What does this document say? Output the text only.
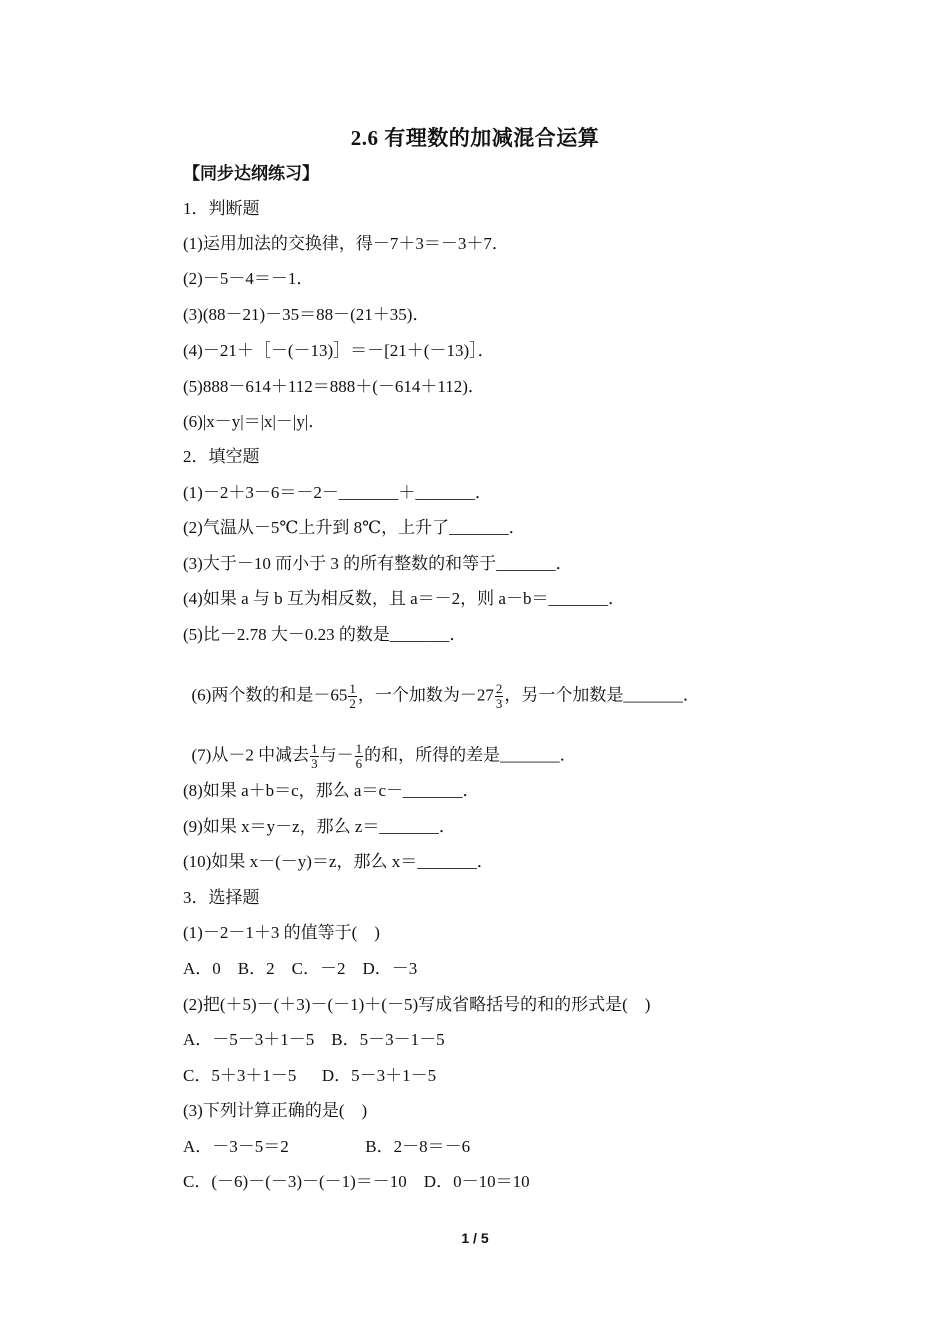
2.6 有理数的加减混合运算
【同步达纲练习】
1．判断题
(1)运用加法的交换律，得－7＋3＝－3＋7．
(2)－5－4＝－1．
(3)(88－21)－35＝88－(21＋35)．
(4)－21＋［－(－13)］＝－[21＋(－13)］．
(5)888－614＋112＝888＋(－614＋112)．
(6)|x－y|＝|x|－|y|．
2．填空题
(1)－2＋3－6＝－2－_______＋_______．
(2)气温从－5℃上升到 8℃，上升了_______．
(3)大于－10 而小于 3 的所有整数的和等于_______．
(4)如果 a 与 b 互为相反数，且 a＝－2，则 a－b＝_______．
(5)比－2.78 大－0.23 的数是_______．

(6)两个数的和是$-65 \frac{1}{2}$ ，一个加数为$-27 \frac{2}{3}$ ，另一个加数是_______．

(7)从－2 中减去 $\frac{1}{3}$ 与－ $\frac{1}{6}$ 的和，所得的差是_______．

(8)如果 a＋b＝c，那么 a＝c－_______．
(9)如果 x＝y－z，那么 z＝_______．
(10)如果 x－(－y)＝z，那么 x＝_______．
3．选择题
(1)－2－1＋3 的值等于(    )
A．0    B．2    C．－2    D．－3
(2)把(＋5)－(＋3)－(－1)＋(－5)写成省略括号的和的形式是(    )
A．－5－3＋1－5    B．5－3－1－5
C．5＋3＋1－5      D．5－3＋1－5
(3)下列计算正确的是(    )
A．－3－5＝2                  B．2－8＝－6
C．(－6)－(－3)－(－1)＝－10    D．0－10＝10
1 / 5
